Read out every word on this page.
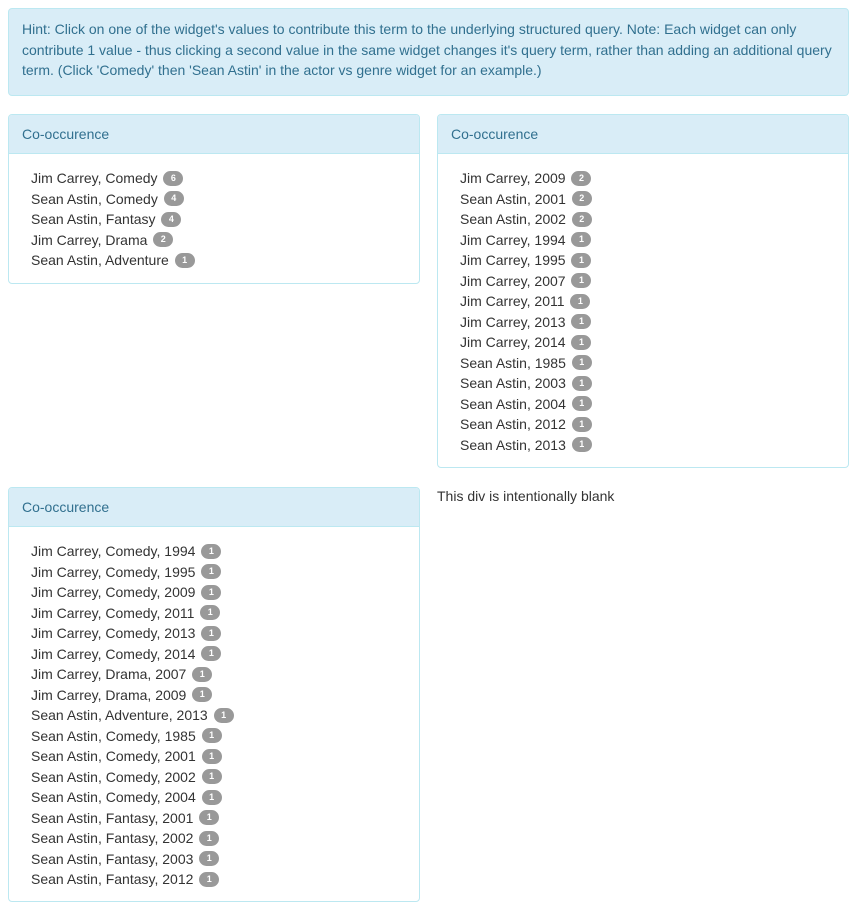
Hint: Click on one of the widget's values to contribute this term to the underlying structured query. Note: Each widget can only contribute 1 value - thus clicking a second value in the same widget changes it's query term, rather than adding an additional query term. (Click 'Comedy' then 'Sean Astin' in the actor vs genre widget for an example.)
Co-occurence
Jim Carrey, Comedy 6
Sean Astin, Comedy 4
Sean Astin, Fantasy 4
Jim Carrey, Drama 2
Sean Astin, Adventure 1
Co-occurence
Jim Carrey, 2009 2
Sean Astin, 2001 2
Sean Astin, 2002 2
Jim Carrey, 1994 1
Jim Carrey, 1995 1
Jim Carrey, 2007 1
Jim Carrey, 2011 1
Jim Carrey, 2013 1
Jim Carrey, 2014 1
Sean Astin, 1985 1
Sean Astin, 2003 1
Sean Astin, 2004 1
Sean Astin, 2012 1
Sean Astin, 2013 1
Co-occurence
Jim Carrey, Comedy, 1994 1
Jim Carrey, Comedy, 1995 1
Jim Carrey, Comedy, 2009 1
Jim Carrey, Comedy, 2011 1
Jim Carrey, Comedy, 2013 1
Jim Carrey, Comedy, 2014 1
Jim Carrey, Drama, 2007 1
Jim Carrey, Drama, 2009 1
Sean Astin, Adventure, 2013 1
Sean Astin, Comedy, 1985 1
Sean Astin, Comedy, 2001 1
Sean Astin, Comedy, 2002 1
Sean Astin, Comedy, 2004 1
Sean Astin, Fantasy, 2001 1
Sean Astin, Fantasy, 2002 1
Sean Astin, Fantasy, 2003 1
Sean Astin, Fantasy, 2012 1
This div is intentionally blank
